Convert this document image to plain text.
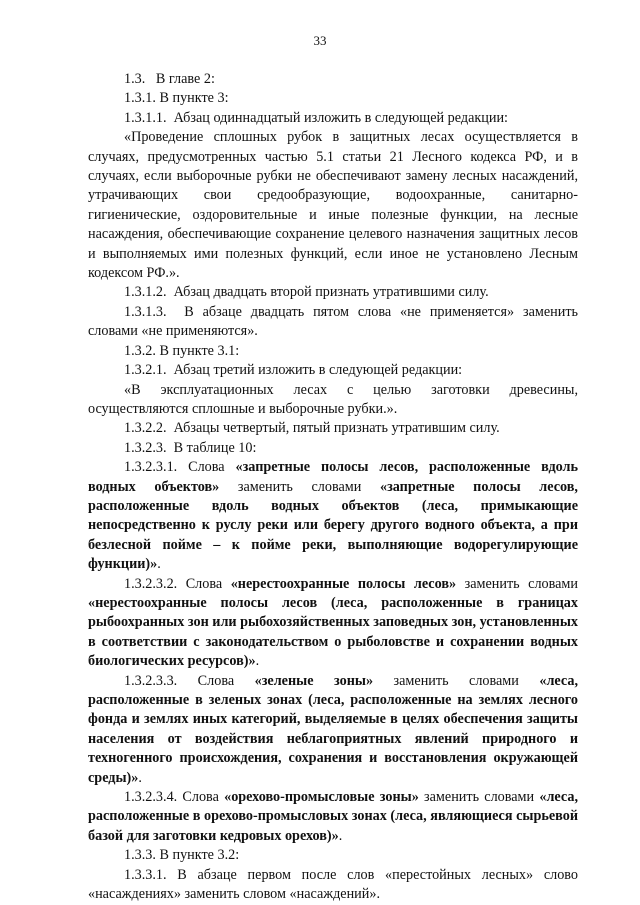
33

1.3.   В главе 2:

1.3.1. В пункте 3:

1.3.1.1.  Абзац одиннадцатый изложить в следующей редакции:

«Проведение сплошных рубок в защитных лесах осуществляется в случаях, предусмотренных частью 5.1 статьи 21 Лесного кодекса РФ, и в случаях, если выборочные рубки не обеспечивают замену лесных насаждений, утрачивающих свои средообразующие, водоохранные, санитарно-гигиенические, оздоровительные и иные полезные функции, на лесные насаждения, обеспечивающие сохранение целевого назначения защитных лесов и выполняемых ими полезных функций, если иное не установлено Лесным кодексом РФ.».

1.3.1.2.  Абзац двадцать второй признать утратившими силу.

1.3.1.3.  В абзаце двадцать пятом слова «не применяется» заменить словами «не применяются».

1.3.2. В пункте 3.1:

1.3.2.1.  Абзац третий изложить в следующей редакции:

«В эксплуатационных лесах с целью заготовки древесины, осуществляются сплошные и выборочные рубки.».

1.3.2.2.  Абзацы четвертый, пятый признать утратившим силу.

1.3.2.3.  В таблице 10:

1.3.2.3.1. Слова «запретные полосы лесов, расположенные вдоль водных объектов» заменить словами «запретные полосы лесов, расположенные вдоль водных объектов (леса, примыкающие непосредственно к руслу реки или берегу другого водного объекта, а при безлесной пойме – к пойме реки, выполняющие водорегулирующие функции)».

1.3.2.3.2. Слова «нерестоохранные полосы лесов» заменить словами «нерестоохранные полосы лесов (леса, расположенные в границах рыбоохранных зон или рыбохозяйственных заповедных зон, установленных в соответствии с законодательством о рыболовстве и сохранении водных биологических ресурсов)».

1.3.2.3.3. Слова «зеленые зоны» заменить словами «леса, расположенные в зеленых зонах (леса, расположенные на землях лесного фонда и землях иных категорий, выделяемые в целях обеспечения защиты населения от воздействия неблагоприятных явлений природного и техногенного происхождения, сохранения и восстановления окружающей среды)».

1.3.2.3.4. Слова «орехово-промысловые зоны» заменить словами «леса, расположенные в орехово-промысловых зонах (леса, являющиеся сырьевой базой для заготовки кедровых орехов)».

1.3.3. В пункте 3.2:

1.3.3.1. В абзаце первом после слов «перестойных лесных» слово «насаждениях» заменить словом «насаждений».
